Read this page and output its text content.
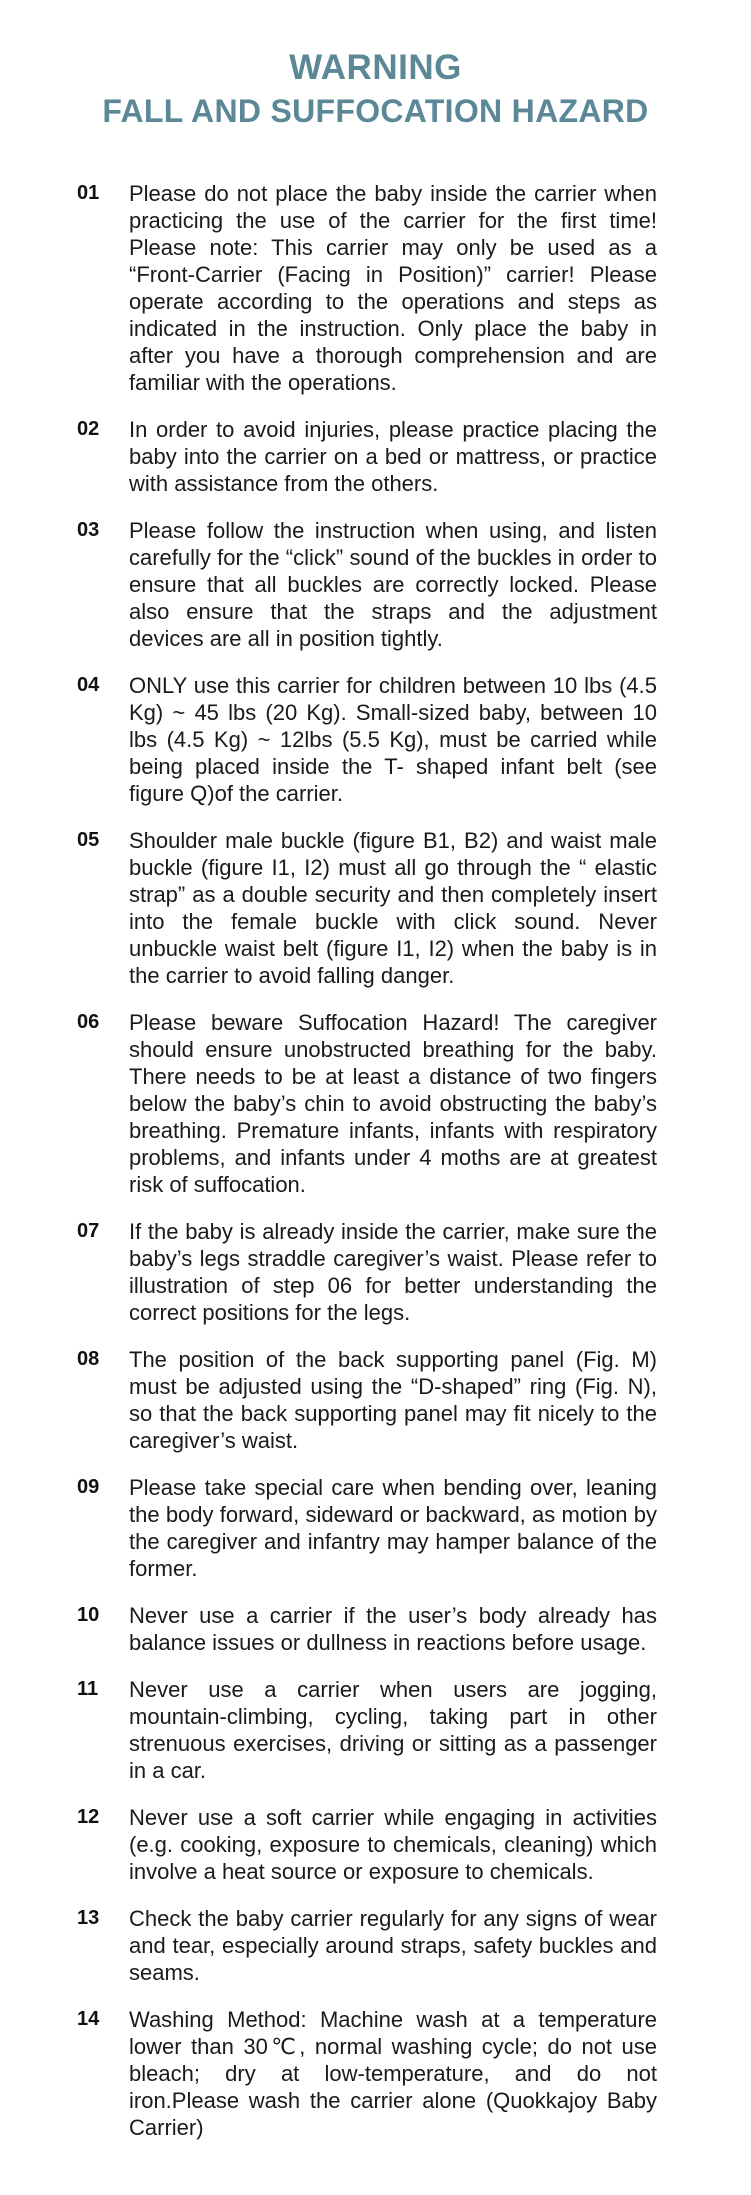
WARNING
FALL AND SUFFOCATION HAZARD
01	Please do not place the baby inside the carrier when practicing the use of the carrier for the first time! Please note: This carrier may only be used as a “Front-Carrier (Facing in Position)” carrier! Please operate according to the operations and steps as indicated in the instruction. Only place the baby in after you have a thorough comprehension and are familiar with the operations.
02	In order to avoid injuries, please practice placing the baby into the carrier on a bed or mattress, or practice with assistance from the others.
03	Please follow the instruction when using, and listen carefully for the “click” sound of the buckles in order to ensure that all buckles are correctly locked. Please also ensure that the straps and the adjustment devices are all in position tightly.
04	ONLY use this carrier for children between 10 lbs (4.5 Kg) ~ 45 lbs (20 Kg). Small-sized baby, between 10 lbs (4.5 Kg) ~ 12lbs (5.5 Kg), must be carried while being placed inside the T- shaped infant belt (see figure Q)of the carrier.
05	Shoulder male buckle (figure B1, B2) and waist male buckle (figure I1, I2) must all go through the “ elastic strap” as a double security and then completely insert into the female buckle with click sound. Never unbuckle waist belt (figure I1, I2) when the baby is in the carrier to avoid falling danger.
06	Please beware Suffocation Hazard! The caregiver should ensure unobstructed breathing for the baby. There needs to be at least a distance of two fingers below the baby’s chin to avoid obstructing the baby’s breathing. Premature infants, infants with respiratory problems, and infants under 4 moths are at greatest risk of suffocation.
07	If the baby is already inside the carrier, make sure the baby’s legs straddle caregiver’s waist. Please refer to illustration of step 06 for better understanding the correct positions for the legs.
08	The position of the back supporting panel (Fig. M) must be adjusted using the “D-shaped” ring (Fig. N), so that the back supporting panel may fit nicely to the caregiver’s waist.
09	Please take special care when bending over, leaning the body forward, sideward or backward, as motion by the caregiver and infantry may hamper balance of the former.
10	Never use a carrier if the user’s body already has balance issues or dullness in reactions before usage.
11	Never use a carrier when users are jogging, mountain-climbing, cycling, taking part in other strenuous exercises, driving or sitting as a passenger in a car.
12	Never use a soft carrier while engaging in activities (e.g. cooking, exposure to chemicals, cleaning) which involve a heat source or exposure to chemicals.
13	Check the baby carrier regularly for any signs of wear and tear, especially around straps, safety buckles and seams.
14	Washing Method: Machine wash at a temperature lower than 30℃, normal washing cycle; do not use bleach; dry at low-temperature, and do not iron.Please wash the carrier alone (Quokkajoy Baby Carrier)
